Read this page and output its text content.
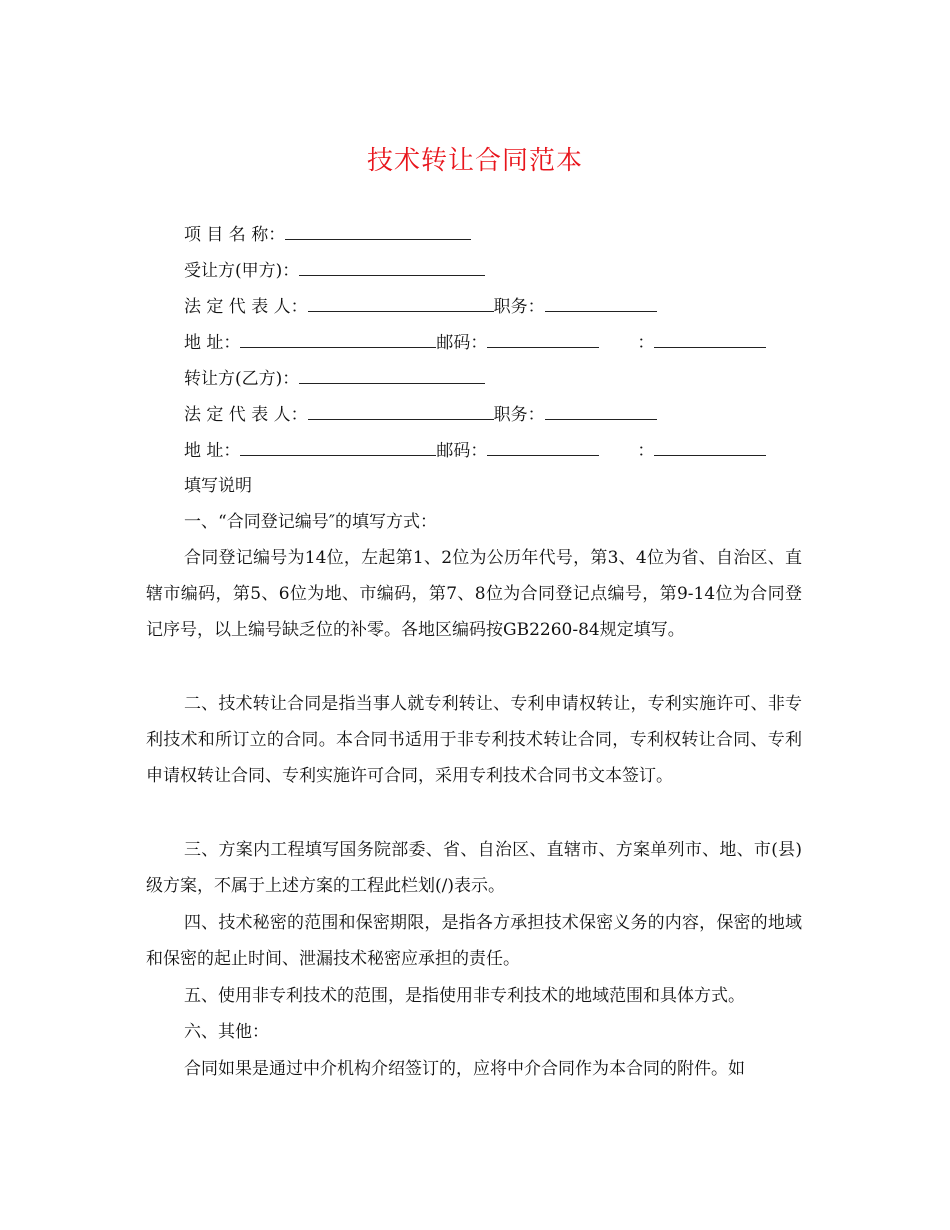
技术转让合同范本
项 目 名 称：
受让方(甲方)：
法 定 代 表 人：	职务：
地 址：	邮码：	：
转让方(乙方)：
法 定 代 表 人：	职务：
地 址：	邮码：	：
填写说明
一、“合同登记编号″的填写方式：
合同登记编号为14位，左起第1、2位为公历年代号，第3、4位为省、自治区、直辖市编码，第5、6位为地、市编码，第7、8位为合同登记点编号，第9-14位为合同登记序号，以上编号缺乏位的补零。各地区编码按GB2260-84规定填写。
二、技术转让合同是指当事人就专利转让、专利申请权转让，专利实施许可、非专利技术和所订立的合同。本合同书适用于非专利技术转让合同，专利权转让合同、专利申请权转让合同、专利实施许可合同，采用专利技术合同书文本签订。
三、方案内工程填写国务院部委、省、自治区、直辖市、方案单列市、地、市(县)级方案，不属于上述方案的工程此栏划(/)表示。
四、技术秘密的范围和保密期限，是指各方承担技术保密义务的内容，保密的地域和保密的起止时间、泄漏技术秘密应承担的责任。
五、使用非专利技术的范围，是指使用非专利技术的地域范围和具体方式。
六、其他：
合同如果是通过中介机构介绍签订的，应将中介合同作为本合同的附件。如
